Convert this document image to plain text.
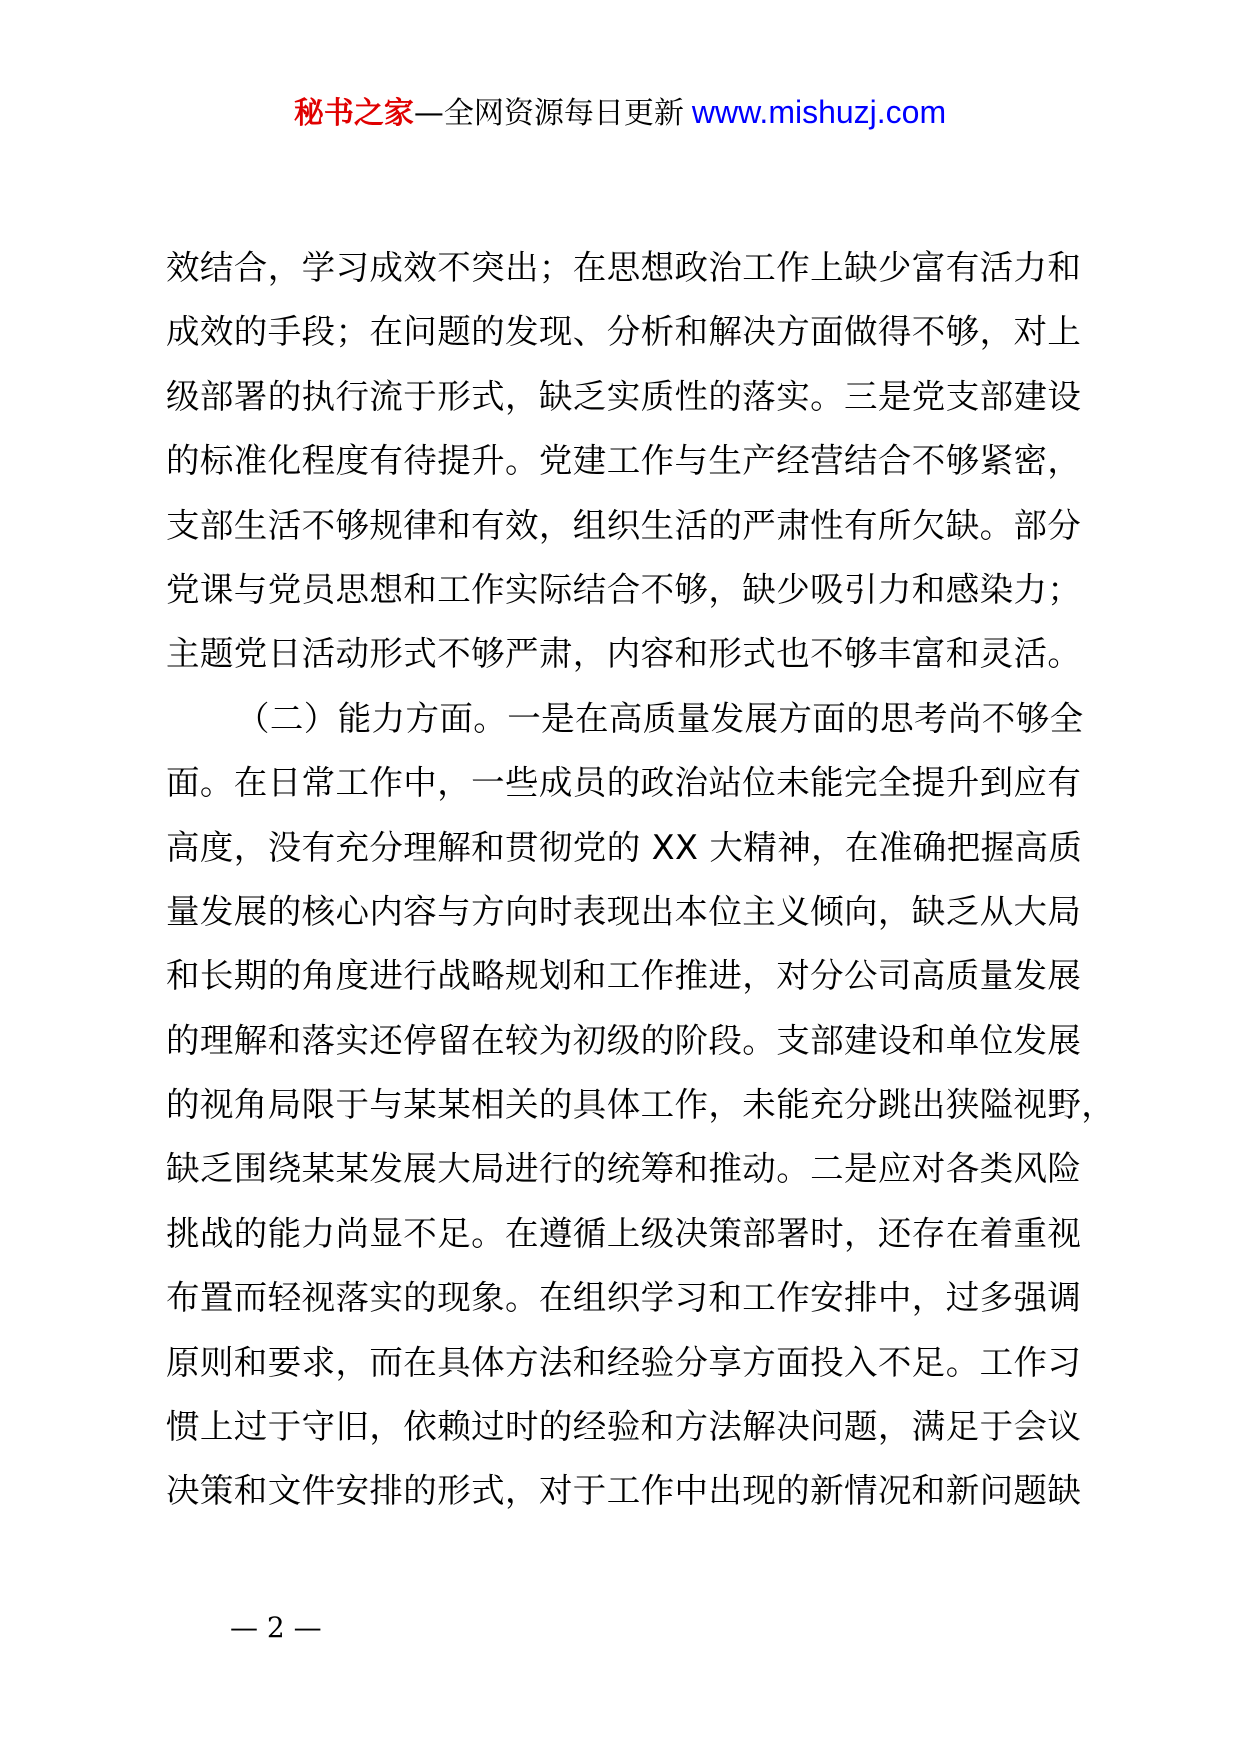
秘书之家—全网资源每日更新 www.mishuzj.com
效结合，学习成效不突出；在思想政治工作上缺少富有活力和
成效的手段；在问题的发现、分析和解决方面做得不够，对上
级部署的执行流于形式，缺乏实质性的落实。三是党支部建设
的标准化程度有待提升。党建工作与生产经营结合不够紧密，
支部生活不够规律和有效，组织生活的严肃性有所欠缺。部分
党课与党员思想和工作实际结合不够，缺少吸引力和感染力；
主题党日活动形式不够严肃，内容和形式也不够丰富和灵活。
（二）能力方面。一是在高质量发展方面的思考尚不够全
面。在日常工作中，一些成员的政治站位未能完全提升到应有
高度，没有充分理解和贯彻党的 XX 大精神，在准确把握高质
量发展的核心内容与方向时表现出本位主义倾向，缺乏从大局
和长期的角度进行战略规划和工作推进，对分公司高质量发展
的理解和落实还停留在较为初级的阶段。支部建设和单位发展
的视角局限于与某某相关的具体工作，未能充分跳出狭隘视野，
缺乏围绕某某发展大局进行的统筹和推动。二是应对各类风险
挑战的能力尚显不足。在遵循上级决策部署时，还存在着重视
布置而轻视落实的现象。在组织学习和工作安排中，过多强调
原则和要求，而在具体方法和经验分享方面投入不足。工作习
惯上过于守旧，依赖过时的经验和方法解决问题，满足于会议
决策和文件安排的形式，对于工作中出现的新情况和新问题缺
— 2 —
